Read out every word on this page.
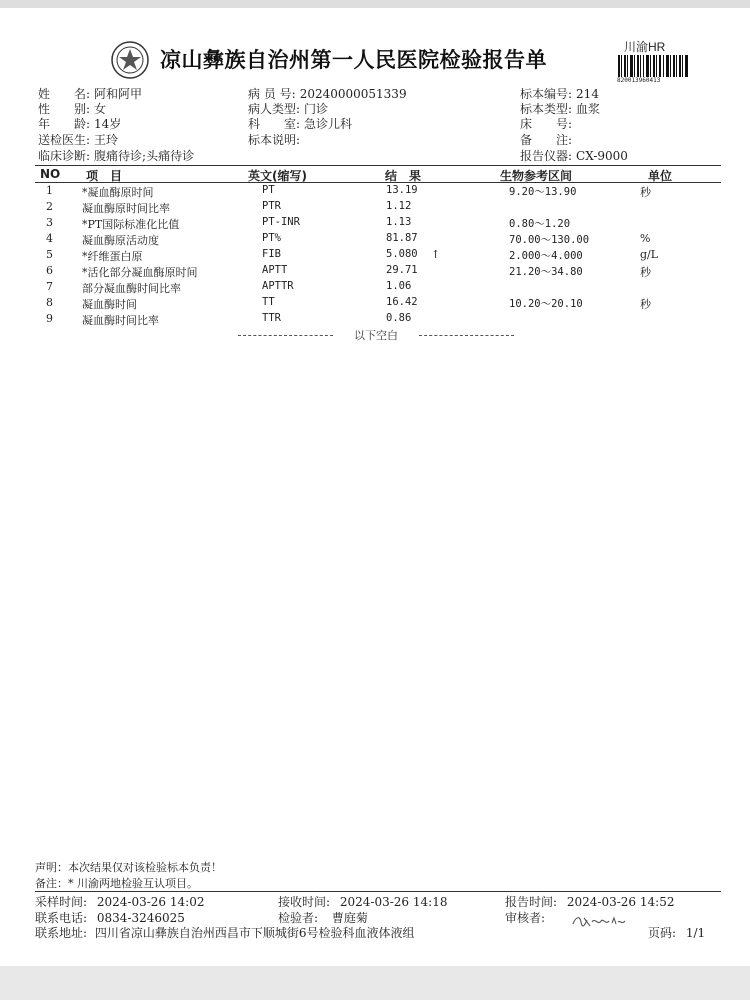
凉山彝族自治州第一人民医院检验报告单
川渝HR
820013960413
姓　　名: 阿和阿甲
性　　别: 女
年　　龄: 14岁
送检医生: 王玲
临床诊断: 腹痛待诊;头痛待诊
病 员 号: 20240000051339
病人类型: 门诊
科　　室: 急诊儿科
标本说明:
标本编号: 214
标本类型: 血浆
床　　号:
备　　注:
报告仪器: CX-9000
NO 项　目	英文(缩写)	结　果	生物参考区间	单位
1	*凝血酶原时间	PT	13.19	9.20～13.90	秒
2	凝血酶原时间比率	PTR	1.12
3	*PT国际标准化比值	PT-INR	1.13	0.80～1.20
4	凝血酶原活动度	PT%	81.87	70.00～130.00	%
5	*纤维蛋白原	FIB	5.080 ↑	2.000～4.000	g/L
6	*活化部分凝血酶原时间	APTT	29.71	21.20～34.80	秒
7	部分凝血酶时间比率	APTTR	1.06
8	凝血酶时间	TT	16.42	10.20～20.10	秒
9	凝血酶时间比率	TTR	0.86
以下空白
声明：本次结果仅对该检验标本负责！
备注：* 川渝两地检验互认项目。
采样时间: 2024-03-26 14:02	接收时间: 2024-03-26 14:18	报告时间: 2024-03-26 14:52
联系电话: 0834-3246025	检验者: 曹庭菊	审核者:
联系地址: 四川省凉山彝族自治州西昌市下顺城街6号检验科血液体液组	页码: 1/1
